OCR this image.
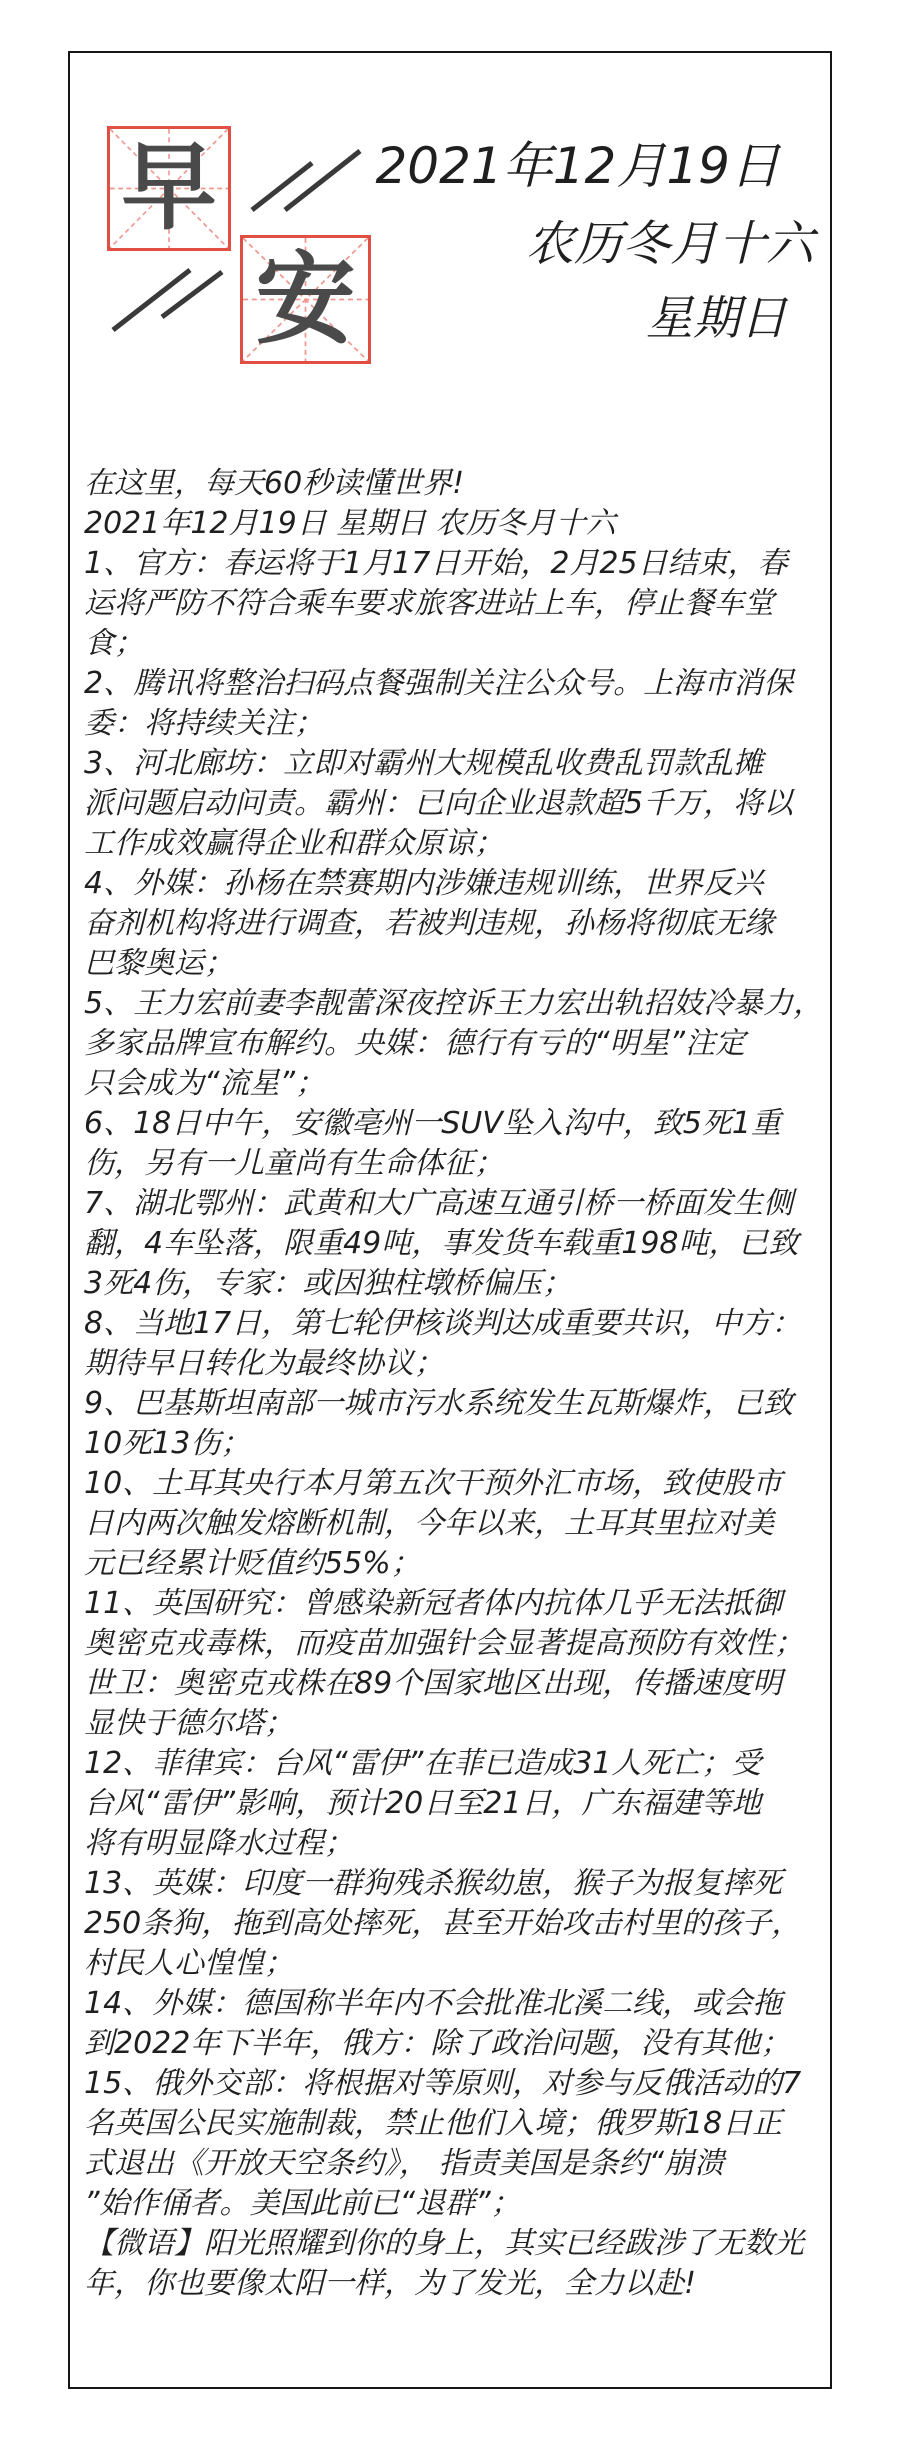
早
安
2021年12月19日
农历冬月十六
星期日
在这里，每天60秒读懂世界!
2021年12月19日 星期日 农历冬月十六
1、官方：春运将于1月17日开始，2月25日结束，春
运将严防不符合乘车要求旅客进站上车，停止餐车堂
食；
2、腾讯将整治扫码点餐强制关注公众号。上海市消保
委：将持续关注；
3、河北廊坊：立即对霸州大规模乱收费乱罚款乱摊
派问题启动问责。霸州：已向企业退款超5千万，将以
工作成效赢得企业和群众原谅；
4、外媒：孙杨在禁赛期内涉嫌违规训练，世界反兴
奋剂机构将进行调查，若被判违规，孙杨将彻底无缘
巴黎奥运；
5、王力宏前妻李靓蕾深夜控诉王力宏出轨招妓冷暴力，
多家品牌宣布解约。央媒：德行有亏的“明星”注定
只会成为“流星”；
6、18日中午，安徽亳州一SUV坠入沟中，致5死1重
伤，另有一儿童尚有生命体征；
7、湖北鄂州：武黄和大广高速互通引桥一桥面发生侧
翻，4车坠落，限重49吨，事发货车载重198吨，已致
3死4伤，专家：或因独柱墩桥偏压；
8、当地17日，第七轮伊核谈判达成重要共识，中方：
期待早日转化为最终协议；
9、巴基斯坦南部一城市污水系统发生瓦斯爆炸，已致
10死13伤；
10、土耳其央行本月第五次干预外汇市场，致使股市
日内两次触发熔断机制，今年以来，土耳其里拉对美
元已经累计贬值约55%；
11、英国研究：曾感染新冠者体内抗体几乎无法抵御
奥密克戎毒株，而疫苗加强针会显著提高预防有效性；
世卫：奥密克戎株在89个国家地区出现，传播速度明
显快于德尔塔；
12、菲律宾：台风“雷伊”在菲已造成31人死亡；受
台风“雷伊”影响，预计20日至21日，广东福建等地
将有明显降水过程；
13、英媒：印度一群狗残杀猴幼崽，猴子为报复摔死
250条狗，拖到高处摔死，甚至开始攻击村里的孩子，
村民人心惶惶；
14、外媒：德国称半年内不会批准北溪二线，或会拖
到2022年下半年，俄方：除了政治问题，没有其他；
15、俄外交部：将根据对等原则，对参与反俄活动的7
名英国公民实施制裁，禁止他们入境；俄罗斯18日正
式退出《开放天空条约》， 指责美国是条约“崩溃
”始作俑者。美国此前已“退群”；
【微语】阳光照耀到你的身上，其实已经跋涉了无数光
年，你也要像太阳一样，为了发光，全力以赴!
